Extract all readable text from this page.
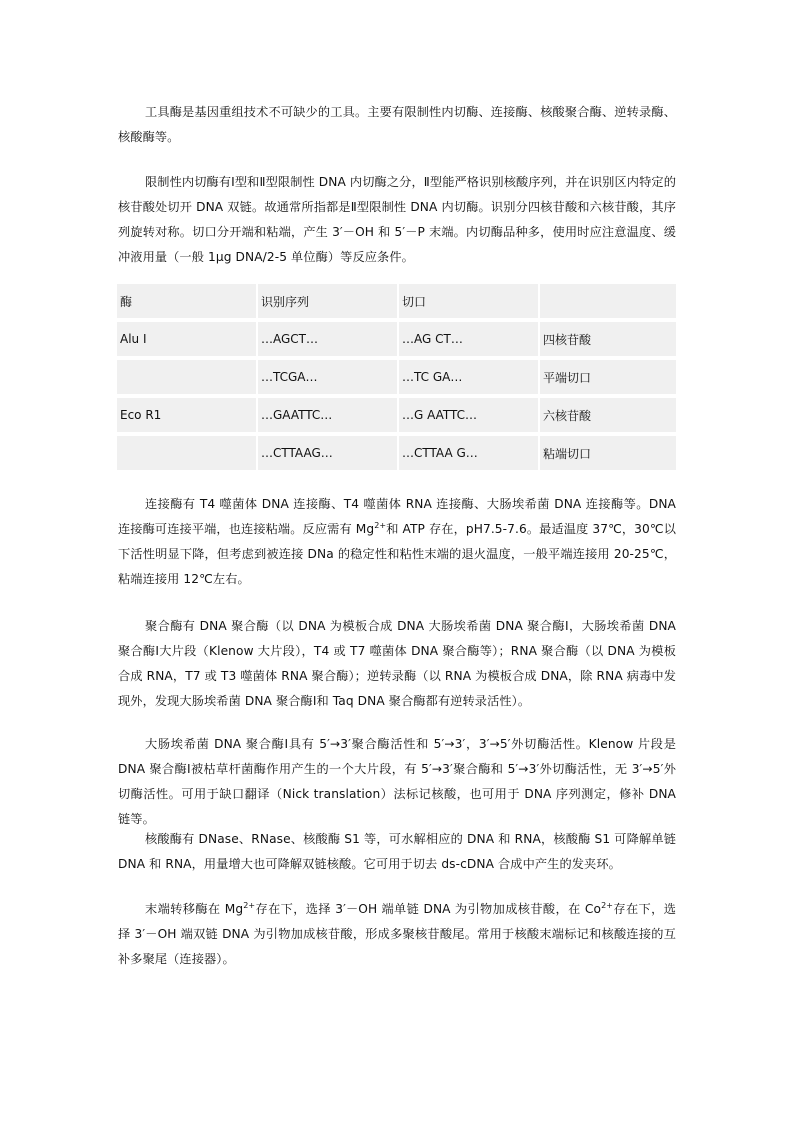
工具酶是基因重组技术不可缺少的工具。主要有限制性内切酶、连接酶、核酸聚合酶、逆转录酶、核酸酶等。

限制性内切酶有Ⅰ型和Ⅱ型限制性 DNA 内切酶之分，Ⅱ型能严格识别核酸序列，并在识别区内特定的核苷酸处切开 DNA 双链。故通常所指都是Ⅱ型限制性 DNA 内切酶。识别分四核苷酸和六核苷酸，其序列旋转对称。切口分开端和粘端，产生 3′－OH 和 5′－P 末端。内切酶品种多，使用时应注意温度、缓冲液用量（一般 1μg DNA/2-5 单位酶）等反应条件。

酶	识别序列	切口	
Alu Ⅰ	…AGCT…	…AG CT…	四核苷酸
	…TCGA…	…TC GA…	平端切口
Eco R1	…GAATTC…	…G AATTC…	六核苷酸
	…CTTAAG…	…CTTAA G…	粘端切口

连接酶有 T4 噬菌体 DNA 连接酶、T4 噬菌体 RNA 连接酶、大肠埃希菌 DNA 连接酶等。DNA 连接酶可连接平端，也连接粘端。反应需有 $Mg^{2+}$和 ATP 存在，pH7.5-7.6。最适温度 37℃，30℃以下活性明显下降，但考虑到被连接 DNa 的稳定性和粘性末端的退火温度，一般平端连接用 20-25℃，粘端连接用 12℃左右。

聚合酶有 DNA 聚合酶（以 DNA 为模板合成 DNA 大肠埃希菌 DNA 聚合酶Ⅰ，大肠埃希菌 DNA 聚合酶Ⅰ大片段（Klenow 大片段），T4 或 T7 噬菌体 DNA 聚合酶等）；RNA 聚合酶（以 DNA 为模板合成 RNA，T7 或 T3 噬菌体 RNA 聚合酶）；逆转录酶（以 RNA 为模板合成 DNA，除 RNA 病毒中发现外，发现大肠埃希菌 DNA 聚合酶Ⅰ和 Taq DNA 聚合酶都有逆转录活性）。

大肠埃希菌 DNA 聚合酶Ⅰ具有 5′→3′聚合酶活性和 5′→3′，3′→5′外切酶活性。Klenow 片段是 DNA 聚合酶Ⅰ被枯草杆菌酶作用产生的一个大片段，有 5′→3′聚合酶和 5′→3′外切酶活性，无 3′→5′外切酶活性。可用于缺口翻译（Nick translation）法标记核酸，也可用于 DNA 序列测定，修补 DNA 链等。

核酸酶有 DNase、RNase、核酸酶 S1 等，可水解相应的 DNA 和 RNA，核酸酶 S1 可降解单链 DNA 和 RNA，用量增大也可降解双链核酸。它可用于切去 ds-cDNA 合成中产生的发夹环。

末端转移酶在 $Mg^{2+}$存在下，选择 3′－OH 端单链 DNA 为引物加成核苷酸，在 $Co^{2+}$存在下，选择 3′－OH 端双链 DNA 为引物加成核苷酸，形成多聚核苷酸尾。常用于核酸末端标记和核酸连接的互补多聚尾（连接器）。
